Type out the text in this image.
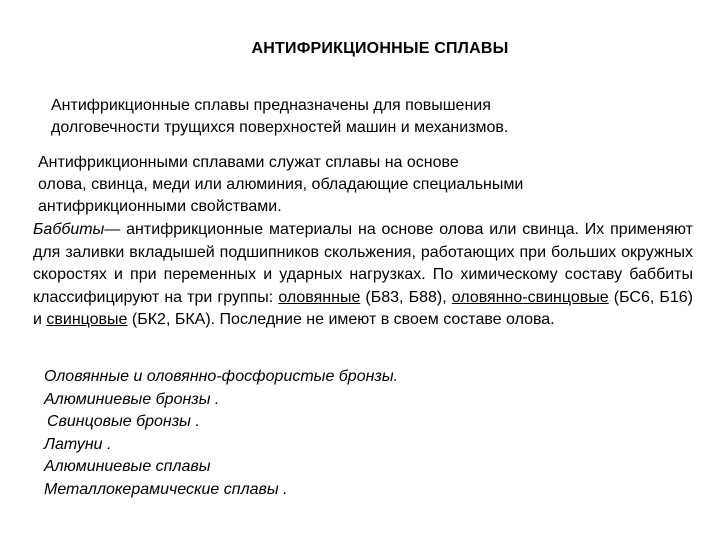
АНТИФРИКЦИОННЫЕ СПЛАВЫ
Антифрикционные сплавы предназначены для повышения
долговечности трущихся поверхностей машин и механизмов.
Антифрикционными сплавами служат сплавы на основе
олова, свинца, меди или алюминия, обладающие специальными
антифрикционными свойствами.
Баббиты— антифрикционные материалы на основе олова или свинца. Их применяют для заливки вкладышей подшипников скольжения, работающих при больших окружных скоростях и при переменных и ударных нагрузках. По химическому составу баббиты классифицируют на три группы: оловянные (Б83, Б88), оловянно-свинцовые (БС6, Б16) и свинцовые (БК2, БКА). Последние не имеют в своем составе олова.
Оловянные и оловянно-фосфористые бронзы.
Алюминиевые бронзы .
Свинцовые бронзы .
Латуни .
Алюминиевые сплавы
Металлокерамические сплавы .
